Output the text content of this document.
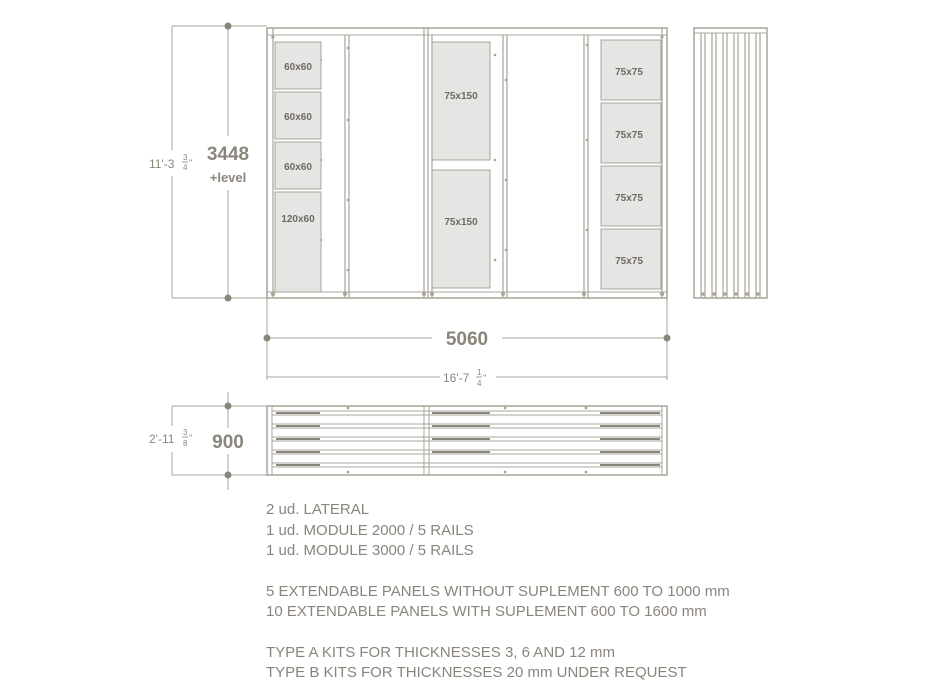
60x60
60x60
60x60
120x60
75x150
75x150
75x75
75x75
75x75
75x75
3448
+level
11'-3 3
4 "
5060
16'-7 1
4
"
900
2'-11 3
8
"
2 ud. LATERAL
1 ud. MODULE 2000 / 5 RAILS
1 ud. MODULE 3000 / 5 RAILS
5 EXTENDABLE PANELS WITHOUT SUPLEMENT 600 TO 1000 mm
10 EXTENDABLE PANELS WITH SUPLEMENT 600 TO 1600 mm
TYPE A KITS FOR THICKNESSES 3, 6 AND 12 mm
TYPE B KITS FOR THICKNESSES 20 mm UNDER REQUEST
